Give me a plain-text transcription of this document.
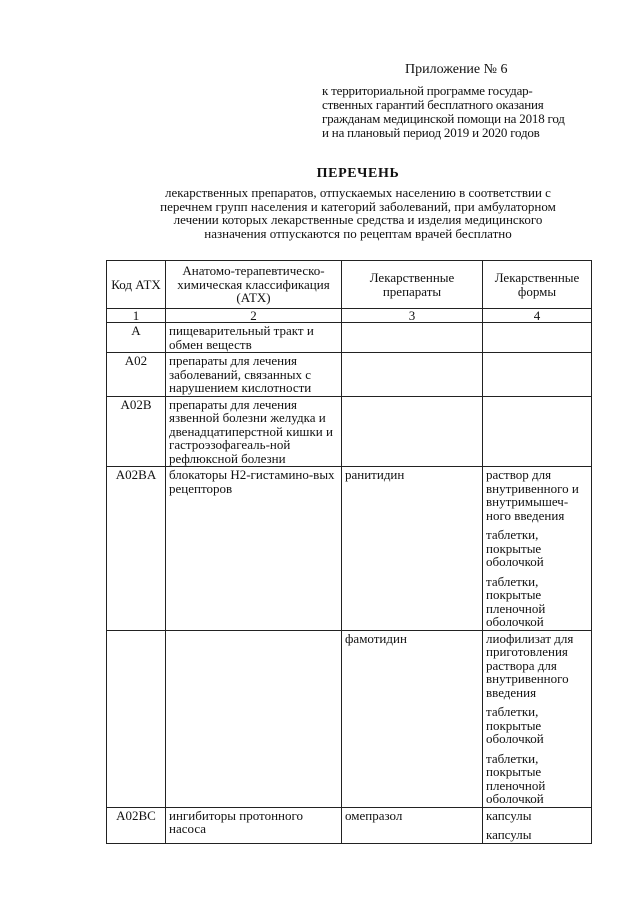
Приложение № 6
к территориальной программе государ-
ственных гарантий бесплатного оказания
гражданам медицинской помощи на 2018 год
и на плановый период 2019 и 2020 годов
ПЕРЕЧЕНЬ
лекарственных препаратов, отпускаемых населению в соответствии с
перечнем групп населения и категорий заболеваний, при амбулаторном
лечении которых лекарственные средства и изделия медицинского
назначения отпускаются по рецептам врачей бесплатно
Код АТХ	Анатомо-терапевтическо-химическая классификация (АТХ)	Лекарственные препараты	Лекарственные формы
1	2	3	4
A	пищеварительный тракт и обмен веществ		
A02	препараты для лечения заболеваний, связанных с нарушением кислотности		
A02B	препараты для лечения язвенной болезни желудка и двенадцатиперстной кишки и гастроэзофагеаль-ной рефлюксной болезни		
A02BA	блокаторы Н2-гистамино-вых рецепторов	ранитидин	раствор для внутривенного и внутримышеч-ного введения
таблетки, покрытые оболочкой
таблетки, покрытые пленочной оболочкой

		фамотидин	лиофилизат для приготовления раствора для внутривенного введения
таблетки, покрытые оболочкой
таблетки, покрытые пленочной оболочкой

A02BC	ингибиторы протонного насоса	омепразол	капсулы
капсулы
